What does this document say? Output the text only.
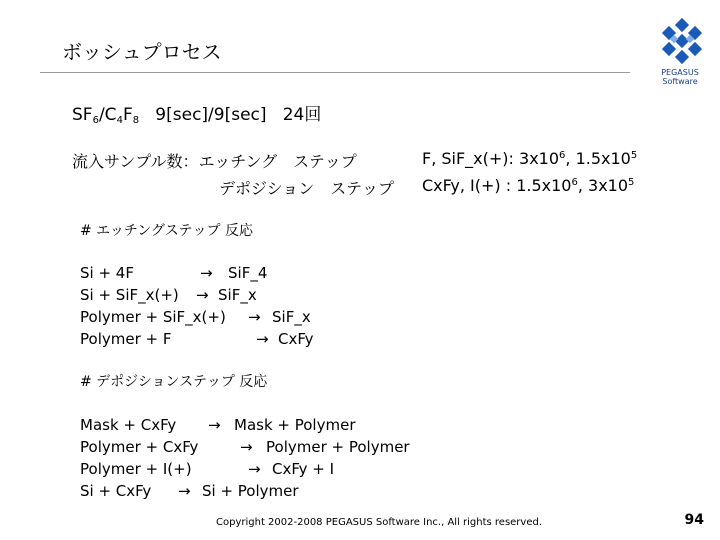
PEGASUS
Software
ボッシュプロセス
$SF_6/C_4F_8$   9[sec]/9[sec]   24回
流入サンプル数：エッチング　ステップ	F, SiF_x(+): $3x10^6$, $1.5x10^5$
デポジション　ステップ CxFy, I(+) : $1.5x10^6$, $3x10^5$
# エッチングステップ 反応
Si + 4F	→ SiF_4
Si + SiF_x(+) → SiF_x
Polymer + SiF_x(+) → SiF_x
Polymer + F	→ CxFy
# デポジションステップ 反応
Mask + CxFy → Mask + Polymer
Polymer + CxFy	→ Polymer + Polymer
Polymer + I(+)	→ CxFy + I
Si + CxFy → Si + Polymer
Copyright 2002-2008 PEGASUS Software Inc., All rights reserved.	94
